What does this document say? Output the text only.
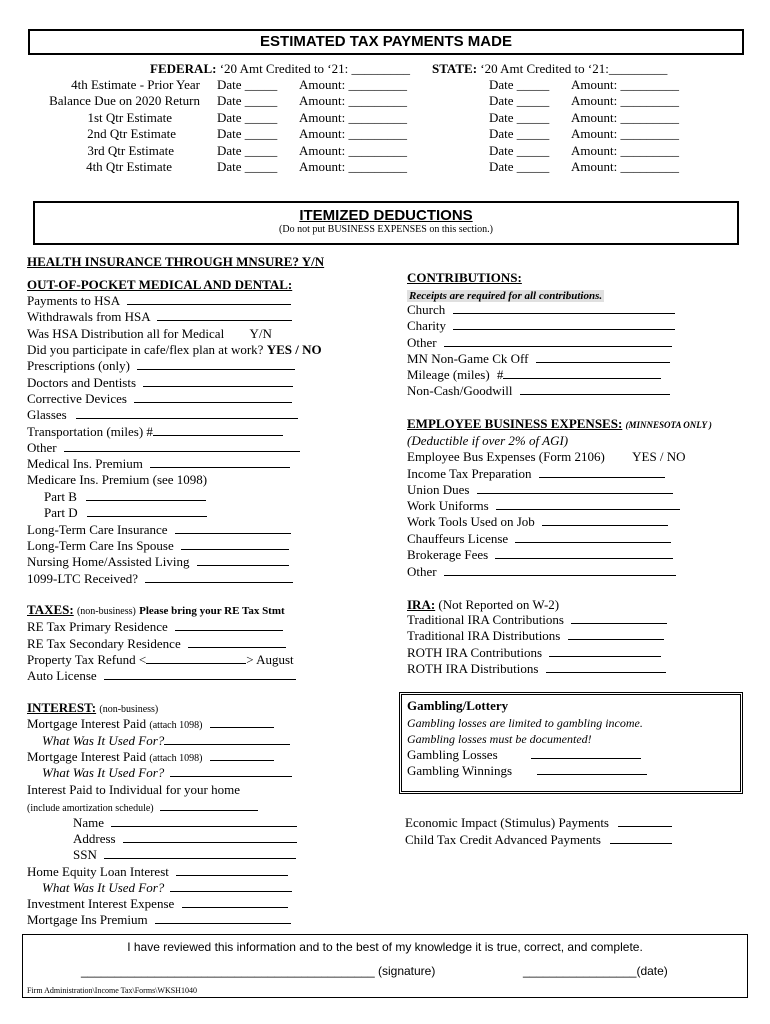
ESTIMATED TAX PAYMENTS MADE
FEDERAL: ‘20 Amt Credited to ‘21: _________ STATE: ‘20 Amt Credited to ‘21:_________
4th Estimate - Prior Year
Balance Due on 2020 Return
1st Qtr Estimate
2nd Qtr Estimate
3rd Qtr Estimate
4th Qtr Estimate
Date _____
Date _____
Date _____
Date _____
Date _____
Date _____
Amount: _________
Amount: _________
Amount: _________
Amount: _________
Amount: _________
Amount: _________
Date _____
Date _____
Date _____
Date _____
Date _____
Date _____
Amount: _________
Amount: _________
Amount: _________
Amount: _________
Amount: _________
Amount: _________
ITEMIZED DEDUCTIONS
(Do not put BUSINESS EXPENSES on this section.)
HEALTH INSURANCE THROUGH MNSURE? Y/N
OUT-OF-POCKET MEDICAL AND DENTAL:
Payments to HSA
Withdrawals from HSA
Was HSA Distribution all for Medical Y/N
Did you participate in cafe/flex plan at work? YES / NO
Prescriptions (only)
Doctors and Dentists
Corrective Devices
Glasses
Transportation (miles) #
Other
Medical Ins. Premium
Medicare Ins. Premium (see 1098)
Part B
Part D
Long-Term Care Insurance
Long-Term Care Ins Spouse
Nursing Home/Assisted Living
1099-LTC Received?
TAXES: (non-business) Please bring your RE Tax Stmt
RE Tax Primary Residence
RE Tax Secondary Residence
Property Tax Refund <	> August
Auto License
INTEREST: (non-business)
Mortgage Interest Paid (attach 1098)
What Was It Used For?
Mortgage Interest Paid (attach 1098)
What Was It Used For?
Interest Paid to Individual for your home
(include amortization schedule)
Name
Address
SSN
Home Equity Loan Interest
What Was It Used For?
Investment Interest Expense
Mortgage Ins Premium
CONTRIBUTIONS:
Receipts are required for all contributions.
Church
Charity
Other
MN Non-Game Ck Off
Mileage (miles) #
Non-Cash/Goodwill
EMPLOYEE BUSINESS EXPENSES: (MINNESOTA ONLY )
(Deductible if over 2% of AGI)
Employee Bus Expenses (Form 2106) YES / NO
Income Tax Preparation
Union Dues
Work Uniforms
Work Tools Used on Job
Chauffeurs License
Brokerage Fees
Other
IRA: (Not Reported on W-2)
Traditional IRA Contributions
Traditional IRA Distributions
ROTH IRA Contributions
ROTH IRA Distributions
Gambling/Lottery
Gambling losses are limited to gambling income.
Gambling losses must be documented!
Gambling Losses
Gambling Winnings
Economic Impact (Stimulus) Payments
Child Tax Credit Advanced Payments
I have reviewed this information and to the best of my knowledge it is true, correct, and complete.
____________________________________________ (signature)	_________________(date)
Firm Administration\Income Tax\Forms\WKSH1040
